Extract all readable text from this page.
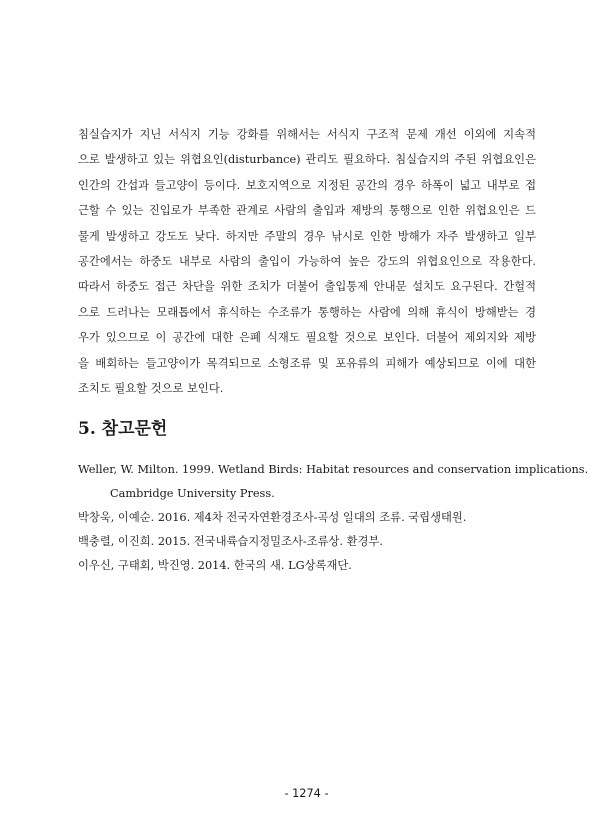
침실습지가 지닌 서식지 기능 강화를 위해서는 서식지 구조적 문제 개선 이외에 지속적
으로 발생하고 있는 위협요인(disturbance) 관리도 필요하다. 침실습지의 주된 위협요인은
인간의 간섭과 들고양이 등이다. 보호지역으로 지정된 공간의 경우 하폭이 넓고 내부로 접
근할 수 있는 진입로가 부족한 관계로 사람의 출입과 제방의 통행으로 인한 위협요인은 드
물게 발생하고 강도도 낮다. 하지만 주말의 경우 낚시로 인한 방해가 자주 발생하고 일부
공간에서는 하중도 내부로 사람의 출입이 가능하여 높은 강도의 위협요인으로 작용한다.
따라서 하중도 접근 차단을 위한 조치가 더불어 출입통제 안내문 설치도 요구된다. 간헐적
으로 드러나는 모래톱에서 휴식하는 수조류가 통행하는 사람에 의해 휴식이 방해받는 경
우가 있으므로 이 공간에 대한 은폐 식재도 필요할 것으로 보인다. 더불어 제외지와 제방
을 배회하는 들고양이가 목격되므로 소형조류 및 포유류의 피해가 예상되므로 이에 대한
조치도 필요할 것으로 보인다.
5. 참고문헌
Weller, W. Milton. 1999. Wetland Birds: Habitat resources and conservation implications.
Cambridge University Press.
박창욱, 이예순. 2016. 제4차 전국자연환경조사-곡성 일대의 조류. 국립생태원.
백충렬, 이진희. 2015. 전국내륙습지정밀조사-조류상. 환경부.
이우신, 구태회, 박진영. 2014. 한국의 새. LG상록재단.
- 1274 -
